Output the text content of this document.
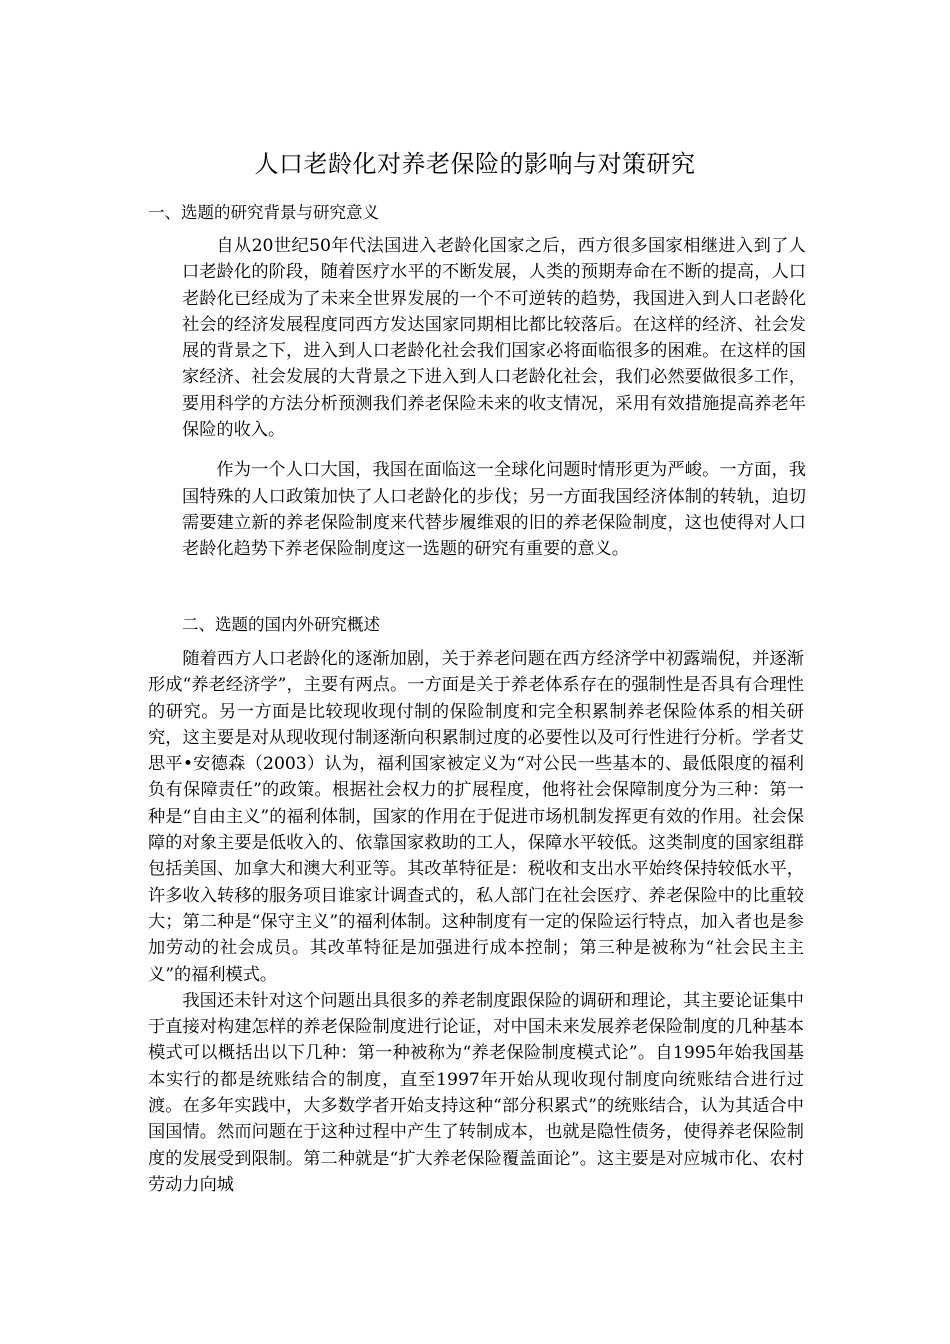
人口老龄化对养老保险的影响与对策研究
一、选题的研究背景与研究意义

自从20世纪50年代法国进入老龄化国家之后，西方很多国家相继进入到了人口老龄化的阶段，随着医疗水平的不断发展，人类的预期寿命在不断的提高，人口老龄化已经成为了未来全世界发展的一个不可逆转的趋势，我国进入到人口老龄化社会的经济发展程度同西方发达国家同期相比都比较落后。在这样的经济、社会发展的背景之下，进入到人口老龄化社会我们国家必将面临很多的困难。在这样的国家经济、社会发展的大背景之下进入到人口老龄化社会，我们必然要做很多工作，要用科学的方法分析预测我们养老保险未来的收支情况，采用有效措施提高养老年保险的收入。

作为一个人口大国，我国在面临这一全球化问题时情形更为严峻。一方面，我国特殊的人口政策加快了人口老龄化的步伐；另一方面我国经济体制的转轨，迫切需要建立新的养老保险制度来代替步履维艰的旧的养老保险制度，这也使得对人口老龄化趋势下养老保险制度这一选题的研究有重要的意义。

二、选题的国内外研究概述

随着西方人口老龄化的逐渐加剧，关于养老问题在西方经济学中初露端倪，并逐渐形成“养老经济学”，主要有两点。一方面是关于养老体系存在的强制性是否具有合理性的研究。另一方面是比较现收现付制的保险制度和完全积累制养老保险体系的相关研究，这主要是对从现收现付制逐渐向积累制过度的必要性以及可行性进行分析。学者艾思平•安德森（2003）认为，福利国家被定义为“对公民一些基本的、最低限度的福利负有保障责任”的政策。根据社会权力的扩展程度，他将社会保障制度分为三种：第一种是“自由主义”的福利体制，国家的作用在于促进市场机制发挥更有效的作用。社会保障的对象主要是低收入的、依靠国家救助的工人，保障水平较低。这类制度的国家组群包括美国、加拿大和澳大利亚等。其改革特征是：税收和支出水平始终保持较低水平，许多收入转移的服务项目谁家计调查式的，私人部门在社会医疗、养老保险中的比重较大；第二种是“保守主义”的福利体制。这种制度有一定的保险运行特点，加入者也是参加劳动的社会成员。其改革特征是加强进行成本控制；第三种是被称为“社会民主主义”的福利模式。

我国还未针对这个问题出具很多的养老制度跟保险的调研和理论，其主要论证集中于直接对构建怎样的养老保险制度进行论证，对中国未来发展养老保险制度的几种基本模式可以概括出以下几种：第一种被称为“养老保险制度模式论”。自1995年始我国基本实行的都是统账结合的制度，直至1997年开始从现收现付制度向统账结合进行过渡。在多年实践中，大多数学者开始支持这种“部分积累式”的统账结合，认为其适合中国国情。然而问题在于这种过程中产生了转制成本，也就是隐性债务，使得养老保险制度的发展受到限制。第二种就是“扩大养老保险覆盖面论”。这主要是对应城市化、农村劳动力向城
